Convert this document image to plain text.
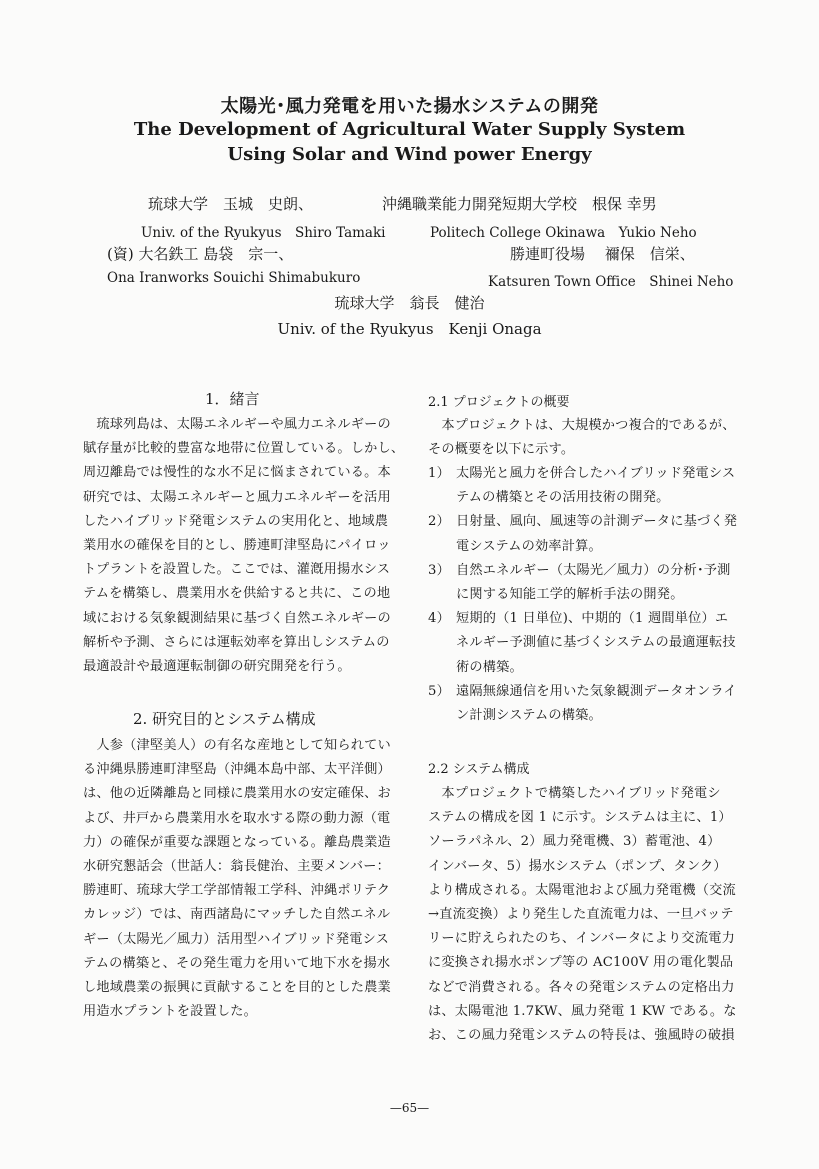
太陽光･風力発電を用いた揚水システムの開発
The Development of Agricultural Water Supply System
Using Solar and Wind power Energy
琉球大学　玉城　史朗、
Univ. of the Ryukyus　Shiro Tamaki
沖縄職業能力開発短期大学校　根保 幸男
Politech College Okinawa　Yukio Neho
(資) 大名鉄工 島袋　宗一、
Ona Iranworks Souichi Shimabukuro
勝連町役場　 禰保　信栄、
Katsuren Town Office　Shinei Neho
琉球大学　翁長　健治
Univ. of the Ryukyus　Kenji Onaga
1．緒言
　琉球列島は、太陽エネルギーや風力エネルギーの
賦存量が比較的豊富な地帯に位置している。しかし、
周辺離島では慢性的な水不足に悩まされている。本
研究では、太陽エネルギーと風力エネルギーを活用
したハイブリッド発電システムの実用化と、地域農
業用水の確保を目的とし、勝連町津堅島にパイロッ
トプラントを設置した。ここでは、灌漑用揚水シス
テムを構築し、農業用水を供給すると共に、この地
域における気象観測結果に基づく自然エネルギーの
解析や予測、さらには運転効率を算出しシステムの
最適設計や最適運転制御の研究開発を行う。
2. 研究目的とシステム構成
　人参（津堅美人）の有名な産地として知られてい
る沖縄県勝連町津堅島（沖縄本島中部、太平洋側）
は、他の近隣離島と同様に農業用水の安定確保、お
よび、井戸から農業用水を取水する際の動力源（電
力）の確保が重要な課題となっている。離島農業造
水研究懇話会（世話人：翁長健治、主要メンバー：
勝連町、琉球大学工学部情報工学科、沖縄ポリテク
カレッジ）では、南西諸島にマッチした自然エネル
ギー（太陽光／風力）活用型ハイブリッド発電シス
テムの構築と、その発生電力を用いて地下水を揚水
し地域農業の振興に貢献することを目的とした農業
用造水プラントを設置した。
2.1 プロジェクトの概要
　本プロジェクトは、大規模かつ複合的であるが、
その概要を以下に示す。
1） 太陽光と風力を併合したハイブリッド発電シス
テムの構築とその活用技術の開発。
2） 日射量、風向、風速等の計測データに基づく発
電システムの効率計算。
3） 自然エネルギー（太陽光／風力）の分析･予測
に関する知能工学的解析手法の開発。
4） 短期的（1 日単位)、中期的（1 週間単位）エ
ネルギー予測値に基づくシステムの最適運転技
術の構築。
5） 遠隔無線通信を用いた気象観測データオンライ
ン計測システムの構築。
2.2 システム構成
　本プロジェクトで構築したハイブリッド発電シ
ステムの構成を図 1 に示す。システムは主に、1）
ソーラパネル、2）風力発電機、3）蓄電池、4）
インバータ、5）揚水システム（ポンプ、タンク）
より構成される。太陽電池および風力発電機（交流
→直流変換）より発生した直流電力は、一旦バッテ
リーに貯えられたのち、インバータにより交流電力
に変換され揚水ポンプ等の AC100V 用の電化製品
などで消費される。各々の発電システムの定格出力
は、太陽電池 1.7KW、風力発電 1 KW である。な
お、この風力発電システムの特長は、強風時の破損
—65—
